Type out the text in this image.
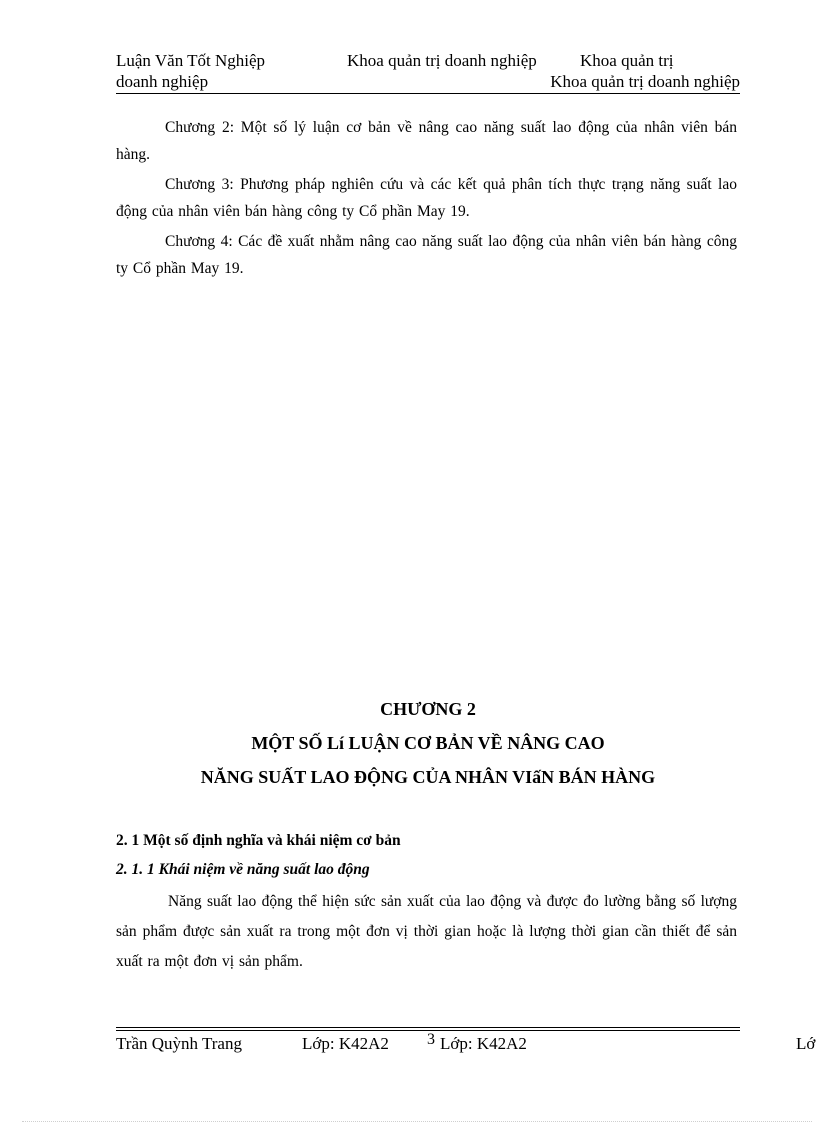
Luận Văn Tốt Nghiệp	Khoa quản trị doanh nghiệp	Khoa quản trị
doanh nghiệp	Khoa quản trị doanh nghiệp
Chương 2: Một số lý luận cơ bản về nâng cao năng suất lao động của nhân viên bán hàng.
Chương 3: Phương pháp nghiên cứu và các kết quả phân tích thực trạng năng suất lao động của nhân viên bán hàng công ty Cổ phần May 19.
Chương 4: Các đề xuất nhằm nâng cao năng suất lao động của nhân viên bán hàng công ty Cổ phần May 19.
CHƯƠNG 2
MỘT SỐ Lí LUẬN CƠ BẢN VỀ NÂNG CAO
NĂNG SUẤT LAO ĐỘNG CỦA NHÂN VIấN BÁN HÀNG
2. 1 Một số định nghĩa và khái niệm cơ bản
2. 1. 1 Khái niệm về năng suất lao động
Năng suất lao động thể hiện sức sản xuất của lao động và được đo lường bằng số lượng sản phẩm được sản xuất ra trong một đơn vị thời gian hoặc là lượng thời gian cần thiết để sản xuất ra một đơn vị sản phẩm.
Trần Quỳnh Trang	Lớp: K42A2 3 Lớp: K42A2	Lớ
